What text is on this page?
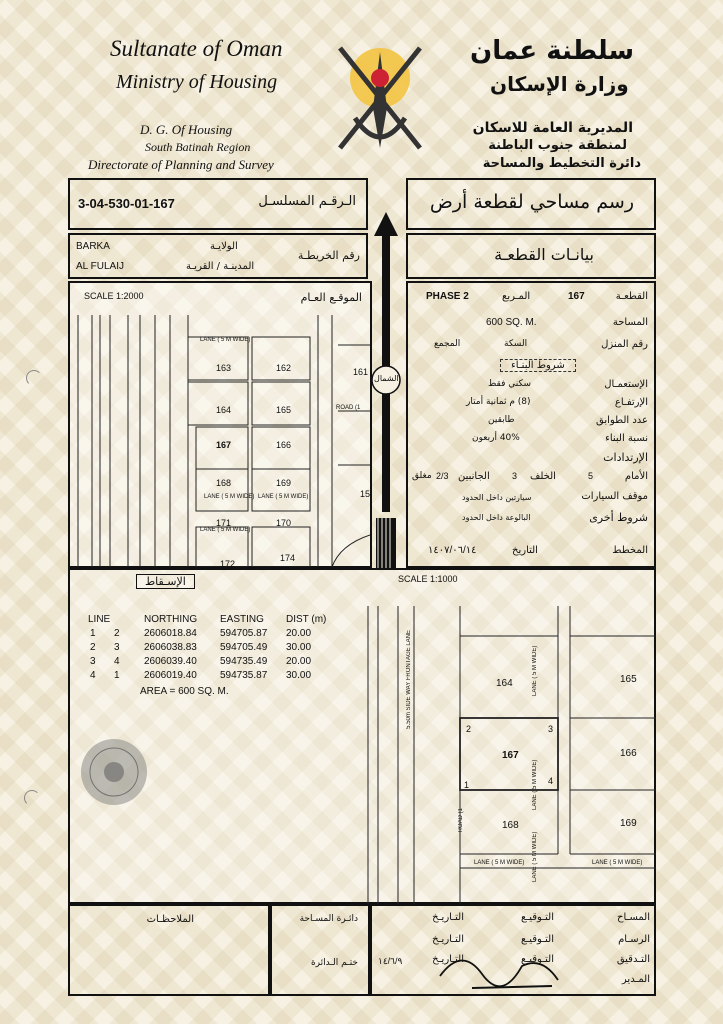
Sultanate of Oman
Ministry of Housing
D. G. Of Housing
South Batinah Region
Directorate of Planning and Survey
سلطنة عمان
وزارة الإسكان
المديرية العامة للاسكان
لمنطقة جنوب الباطنة
دائرة التخطيط والمساحة
3-04-530-01-167	الـرقـم المسلسـل	رسم مساحي لقطعة أرض
BARKA
AL FULAIJ
الولايـة
المدينـة / القريـة
رقم الخريطـة	بيانـات القطعـة
SCALE 1:2000	الموقـع العـام
163	162
164	165
167	166
168	169
171	170
172
174
161
15
LANE ( 5 M WIDE)
LANE ( 5 M WIDE) LANE ( 5 M WIDE)
ROAD (1
LANE ( 5 M WIDE)
الشمال
PHASE 2	المـربع	167	القطعـة
600 SQ. M.	المساحة
المجمع	السكة	رقم المنزل
شروط البنـاء
سكني فقط	الإستعمـال
(8) م ثمانية أمتار	الإرتفـاع
طابقين	عدد الطوابق
40% أربعون	نسبة البناء
الإرتدادات
مغلق 2/3 الجانبين 3 الخلف	5	الأمام
سيارتين داخل الحدود	موقف السيارات
البالوعة داخل الحدود	شروط أخرى
١٤٠٧/٠٦/١٤	التاريخ	المخطط
الإسـقاط	SCALE 1:1000
LINE	NORTHING EASTING DIST (m)
1 2 2606018.84 594705.87 20.00
2 3 2606038.83 594705.49 30.00
3 4 2606039.40 594735.49 20.00
4 1 2606019.40 594735.87 30.00
AREA = 600 SQ. M.
164	165
167	166
168	169
1
2	3
4
LANE ( 5 M WIDE)
LANE ( 5 M WIDE)
LANE ( 5 M WIDE)
LANE ( 5 M WIDE)	LANE ( 5 M WIDE)
ROAD (1
5.50m SIDE WAY FRONTAGE LANE
الملاحظـات	دائـرة المسـاحة
ختـم الـدائرة
المسـاح
التـوقيـع
التـاريـخ
الرسـام
التـوقيـع
التـاريـخ
التـدقيق
التـوقيـع
التـاريـخ
١٤/٦/٩
المـدير
